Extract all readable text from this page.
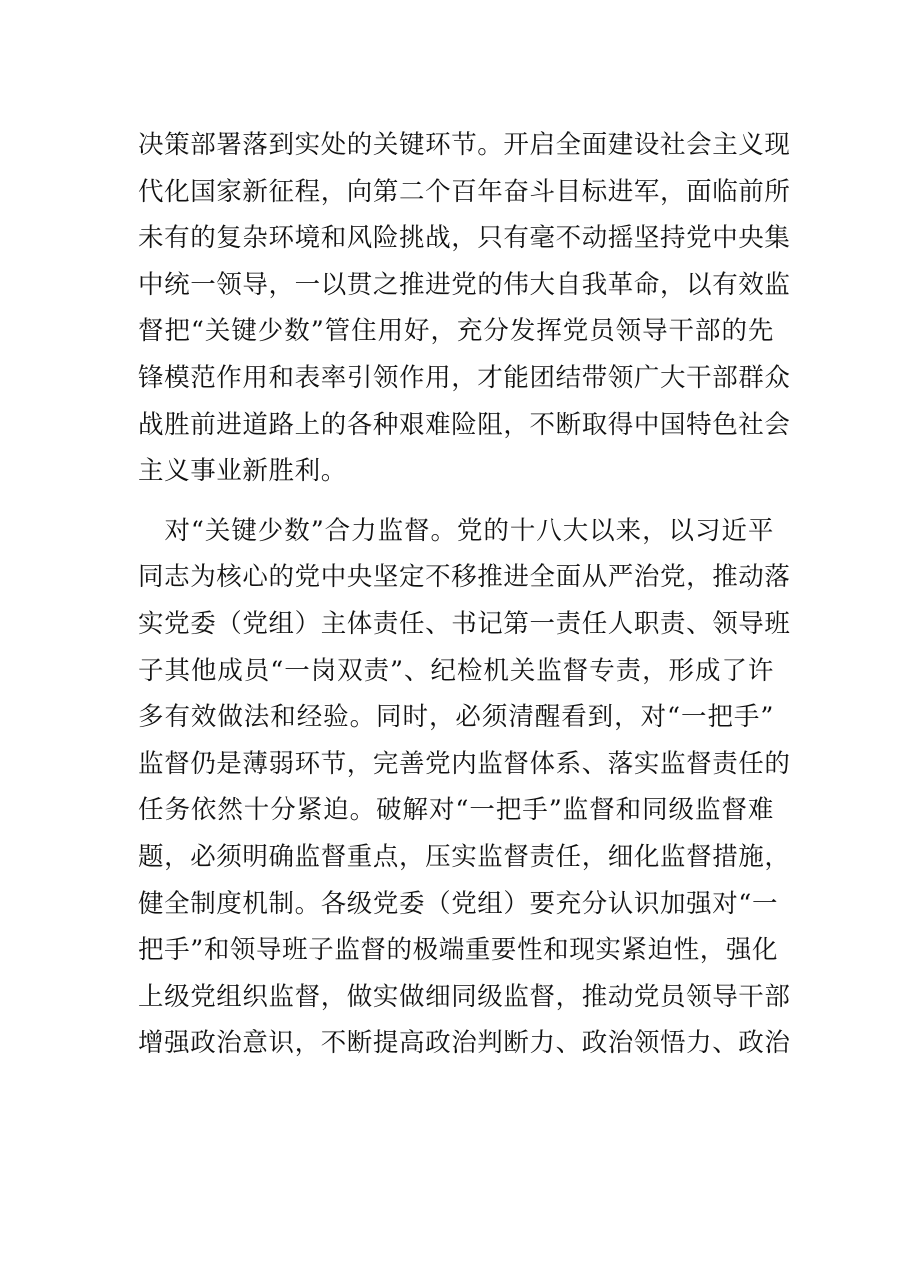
决策部署落到实处的关键环节。开启全面建设社会主义现
代化国家新征程，向第二个百年奋斗目标进军，面临前所
未有的复杂环境和风险挑战，只有毫不动摇坚持党中央集
中统一领导，一以贯之推进党的伟大自我革命，以有效监
督把“关键少数”管住用好，充分发挥党员领导干部的先
锋模范作用和表率引领作用，才能团结带领广大干部群众
战胜前进道路上的各种艰难险阻，不断取得中国特色社会
主义事业新胜利。
　对“关键少数”合力监督。党的十八大以来，以习近平
同志为核心的党中央坚定不移推进全面从严治党，推动落
实党委（党组）主体责任、书记第一责任人职责、领导班
子其他成员“一岗双责”、纪检机关监督专责，形成了许
多有效做法和经验。同时，必须清醒看到，对“一把手”
监督仍是薄弱环节，完善党内监督体系、落实监督责任的
任务依然十分紧迫。破解对“一把手”监督和同级监督难
题，必须明确监督重点，压实监督责任，细化监督措施，
健全制度机制。各级党委（党组）要充分认识加强对“一
把手”和领导班子监督的极端重要性和现实紧迫性，强化
上级党组织监督，做实做细同级监督，推动党员领导干部
增强政治意识，不断提高政治判断力、政治领悟力、政治
